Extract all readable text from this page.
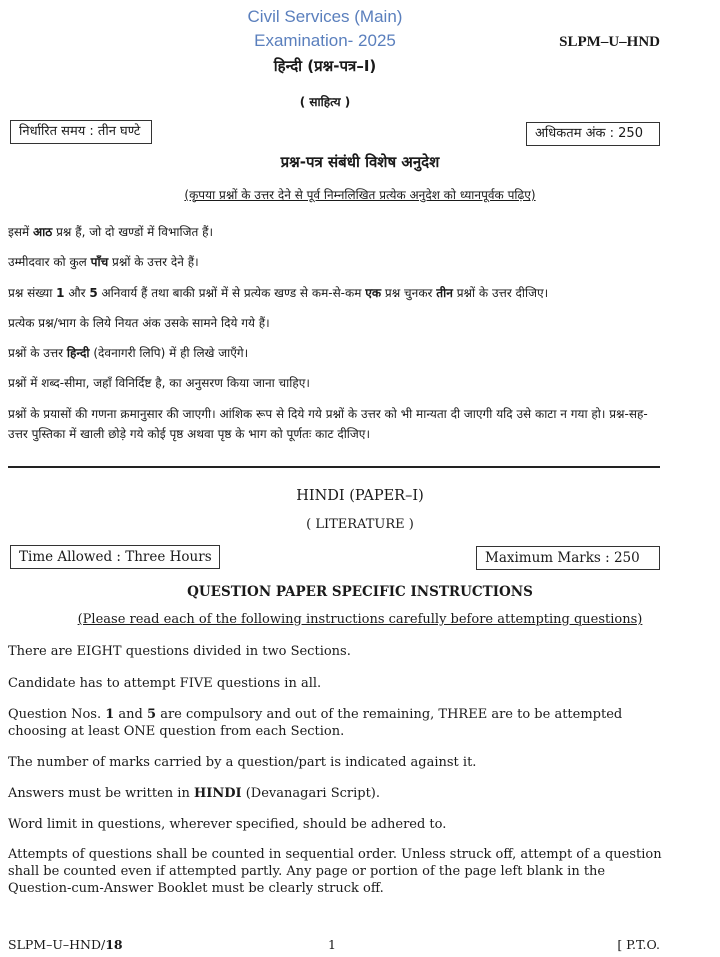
Civil Services (Main)
Examination- 2025	SLPM–U–HND
हिन्दी (प्रश्न-पत्र–I)
( साहित्य )
निर्धारित समय : तीन घण्टे	अधिकतम अंक : 250
प्रश्न-पत्र संबंधी विशेष अनुदेश
(कृपया प्रश्नों के उत्तर देने से पूर्व निम्नलिखित प्रत्येक अनुदेश को ध्यानपूर्वक पढ़िए)
इसमें आठ प्रश्न हैं, जो दो खण्डों में विभाजित हैं।
उम्मीदवार को कुल पाँच प्रश्नों के उत्तर देने हैं।
प्रश्न संख्या 1 और 5 अनिवार्य हैं तथा बाकी प्रश्नों में से प्रत्येक खण्ड से कम-से-कम एक प्रश्न चुनकर तीन प्रश्नों के उत्तर दीजिए।
प्रत्येक प्रश्न/भाग के लिये नियत अंक उसके सामने दिये गये हैं।
प्रश्नों के उत्तर हिन्दी (देवनागरी लिपि) में ही लिखे जाएँगे।
प्रश्नों में शब्द-सीमा, जहाँ विनिर्दिष्ट है, का अनुसरण किया जाना चाहिए।
प्रश्नों के प्रयासों की गणना क्रमानुसार की जाएगी। आंशिक रूप से दिये गये प्रश्नों के उत्तर को भी मान्यता दी जाएगी यदि उसे काटा न गया हो। प्रश्न-सह-उत्तर पुस्तिका में खाली छोड़े गये कोई पृष्ठ अथवा पृष्ठ के भाग को पूर्णतः काट दीजिए।
HINDI (PAPER–I)
( LITERATURE )
Time Allowed : Three Hours	Maximum Marks : 250
QUESTION PAPER SPECIFIC INSTRUCTIONS
(Please read each of the following instructions carefully before attempting questions)
There are EIGHT questions divided in two Sections.
Candidate has to attempt FIVE questions in all.
Question Nos. 1 and 5 are compulsory and out of the remaining, THREE are to be attempted choosing at least ONE question from each Section.
The number of marks carried by a question/part is indicated against it.
Answers must be written in HINDI (Devanagari Script).
Word limit in questions, wherever specified, should be adhered to.
Attempts of questions shall be counted in sequential order. Unless struck off, attempt of a question shall be counted even if attempted partly. Any page or portion of the page left blank in the Question-cum-Answer Booklet must be clearly struck off.
SLPM–U–HND/18	1	[ P.T.O.
